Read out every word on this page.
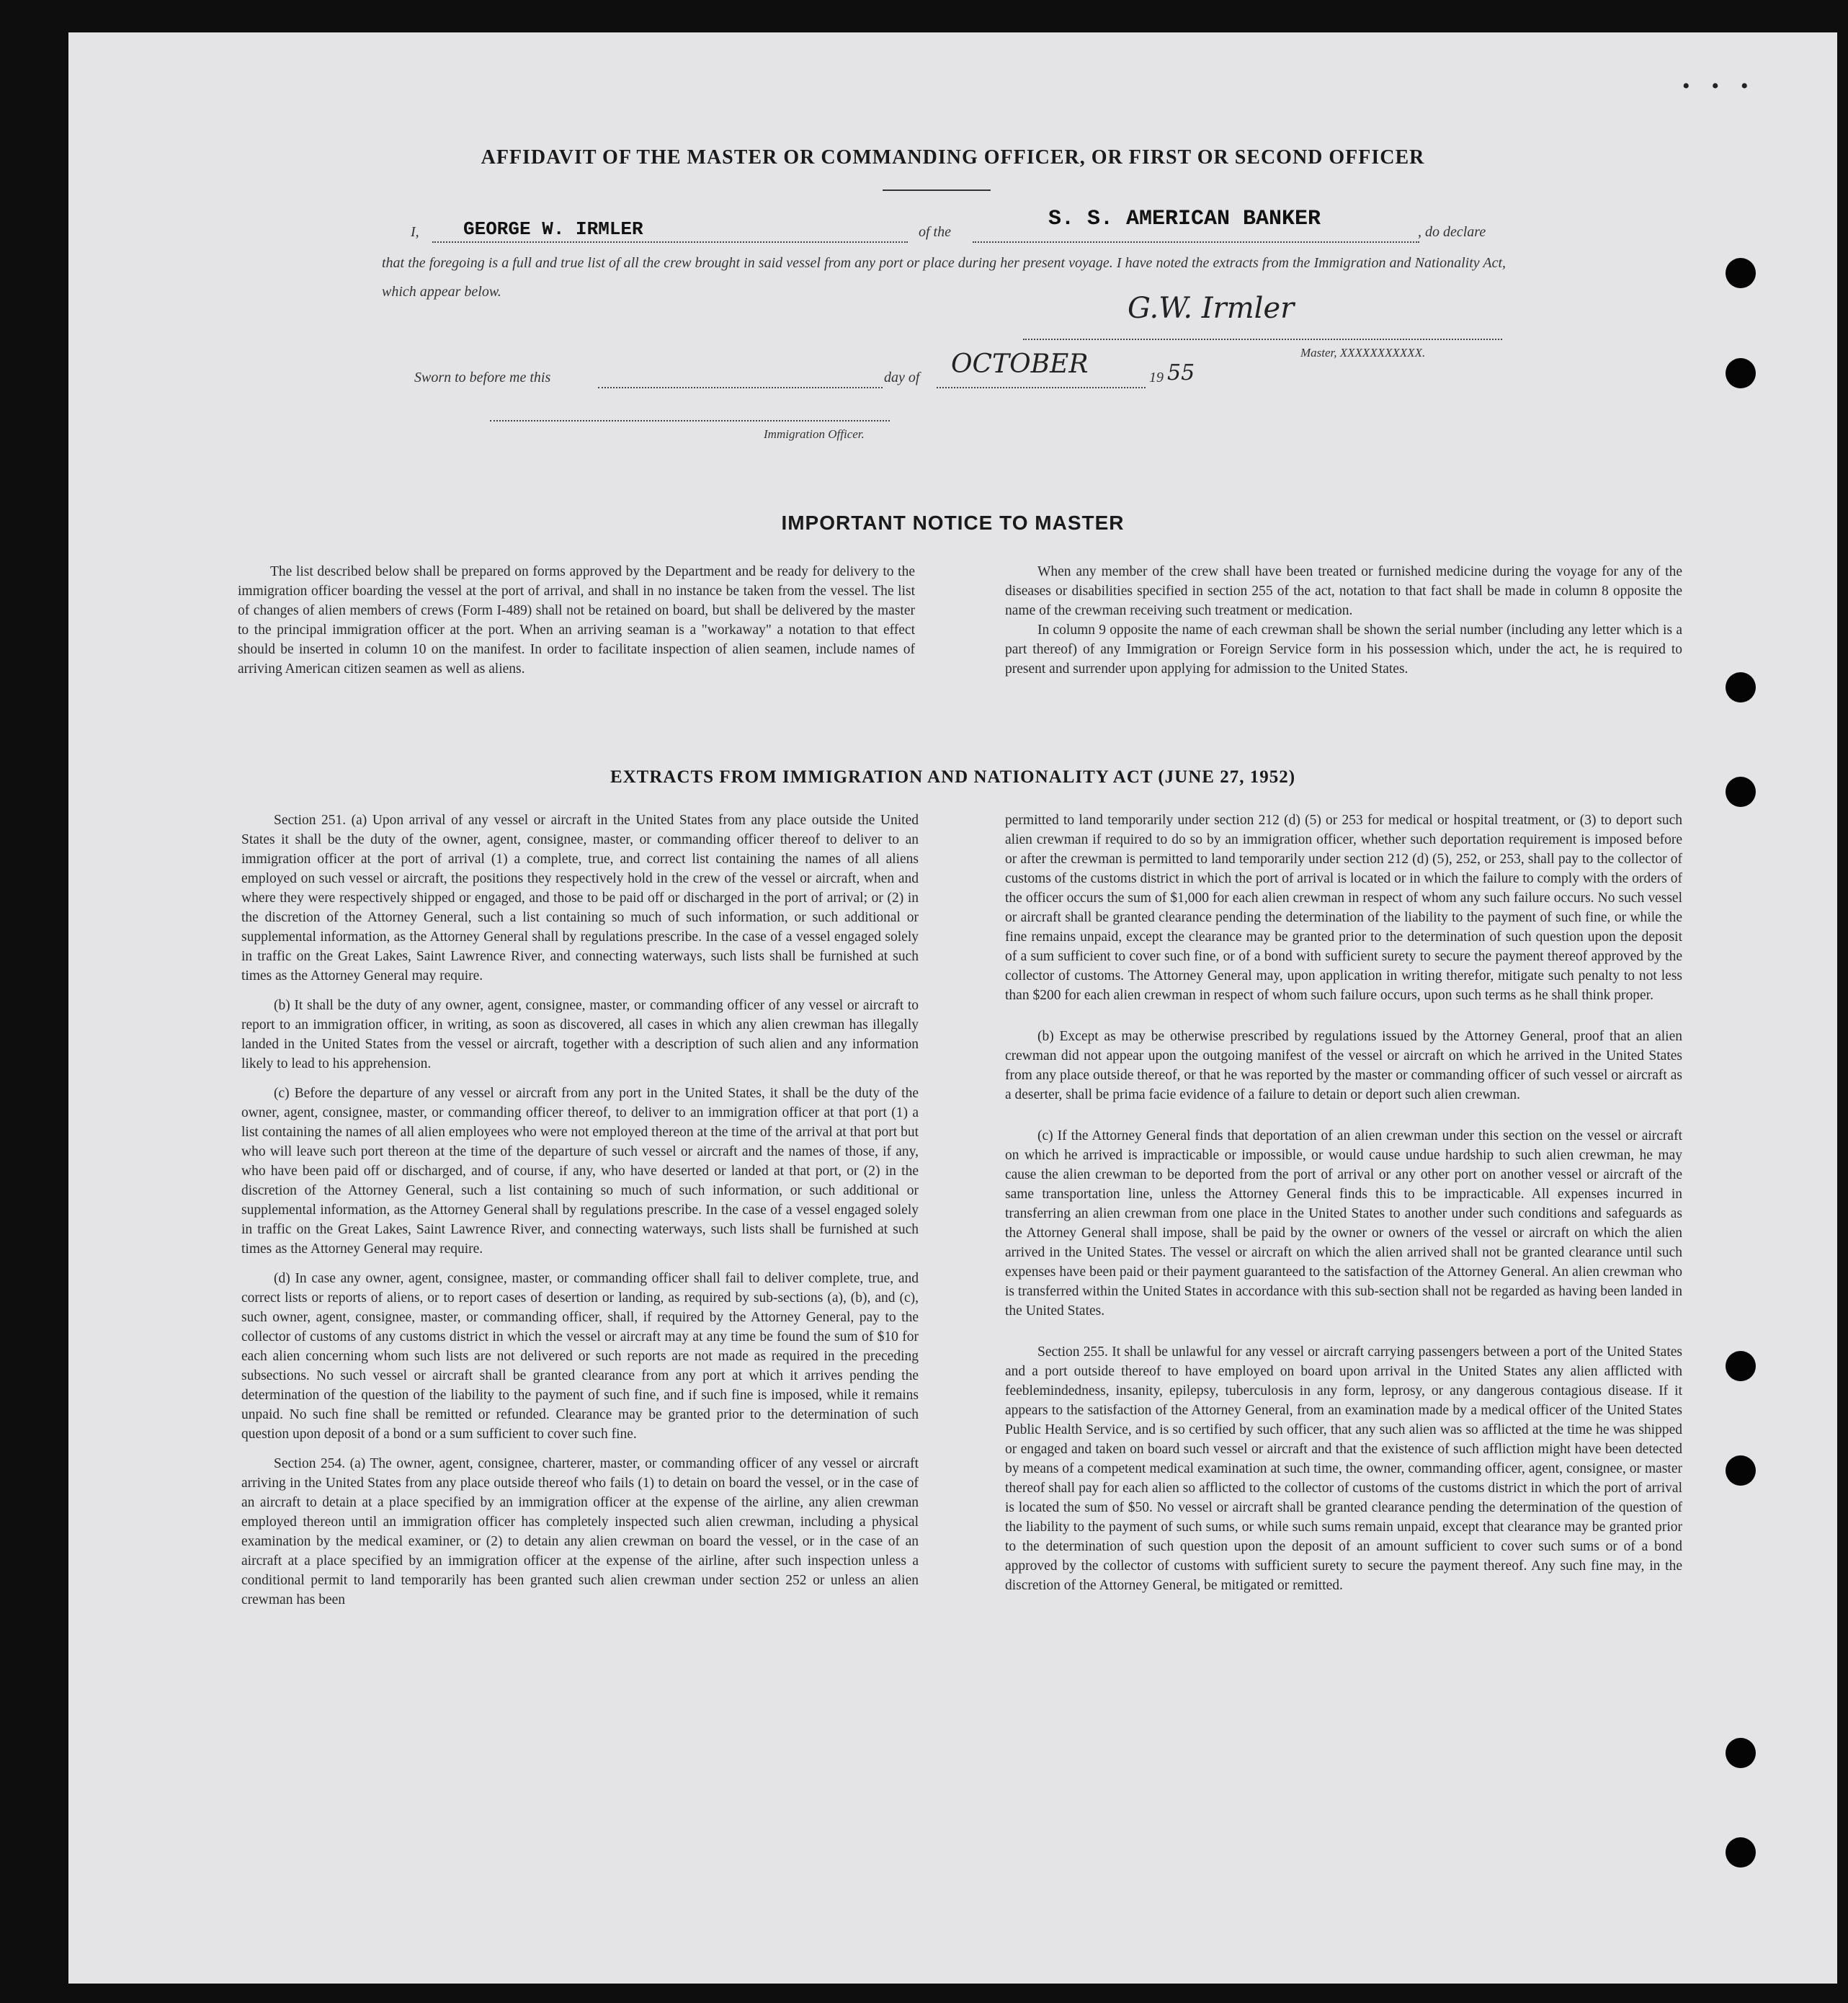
•••
AFFIDAVIT OF THE MASTER OR COMMANDING OFFICER, OR FIRST OR SECOND OFFICER
I, GEORGE W. IRMLER	of the
S. S. AMERICAN BANKER
, do declare
that the foregoing is a full and true list of all the crew brought in said vessel from any port or place during her present voyage. I have noted the extracts from the Immigration and Nationality Act, which appear below.	G.W. Irmler
Master, XXXXXXXXXXX.
Sworn to before me this	day of OCTOBER	19 55
Immigration Officer.
IMPORTANT NOTICE TO MASTER

The list described below shall be prepared on forms approved by the Department and be ready for delivery to the immigration officer boarding the vessel at the port of arrival, and shall in no instance be taken from the vessel. The list of changes of alien members of crews (Form I-489) shall not be retained on board, but shall be delivered by the master to the principal immigration officer at the port. When an arriving seaman is a "workaway" a notation to that effect should be inserted in column 10 on the manifest. In order to facilitate inspection of alien seamen, include names of arriving American citizen seamen as well as aliens.

When any member of the crew shall have been treated or furnished medicine during the voyage for any of the diseases or disabilities specified in section 255 of the act, notation to that fact shall be made in column 8 opposite the name of the crewman receiving such treatment or medication.

In column 9 opposite the name of each crewman shall be shown the serial number (including any letter which is a part thereof) of any Immigration or Foreign Service form in his possession which, under the act, he is required to present and surrender upon applying for admission to the United States.

EXTRACTS FROM IMMIGRATION AND NATIONALITY ACT (JUNE 27, 1952)

Section 251. (a) Upon arrival of any vessel or aircraft in the United States from any place outside the United States it shall be the duty of the owner, agent, consignee, master, or commanding officer thereof to deliver to an immigration officer at the port of arrival (1) a complete, true, and correct list containing the names of all aliens employed on such vessel or aircraft, the positions they respectively hold in the crew of the vessel or aircraft, when and where they were respectively shipped or engaged, and those to be paid off or discharged in the port of arrival; or (2) in the discretion of the Attorney General, such a list containing so much of such information, or such additional or supplemental information, as the Attorney General shall by regulations prescribe. In the case of a vessel engaged solely in traffic on the Great Lakes, Saint Lawrence River, and connecting waterways, such lists shall be furnished at such times as the Attorney General may require.

(b) It shall be the duty of any owner, agent, consignee, master, or commanding officer of any vessel or aircraft to report to an immigration officer, in writing, as soon as discovered, all cases in which any alien crewman has illegally landed in the United States from the vessel or aircraft, together with a description of such alien and any information likely to lead to his apprehension.

(c) Before the departure of any vessel or aircraft from any port in the United States, it shall be the duty of the owner, agent, consignee, master, or commanding officer thereof, to deliver to an immigration officer at that port (1) a list containing the names of all alien employees who were not employed thereon at the time of the arrival at that port but who will leave such port thereon at the time of the departure of such vessel or aircraft and the names of those, if any, who have been paid off or discharged, and of course, if any, who have deserted or landed at that port, or (2) in the discretion of the Attorney General, such a list containing so much of such information, or such additional or supplemental information, as the Attorney General shall by regulations prescribe. In the case of a vessel engaged solely in traffic on the Great Lakes, Saint Lawrence River, and connecting waterways, such lists shall be furnished at such times as the Attorney General may require.

(d) In case any owner, agent, consignee, master, or commanding officer shall fail to deliver complete, true, and correct lists or reports of aliens, or to report cases of desertion or landing, as required by sub-sections (a), (b), and (c), such owner, agent, consignee, master, or commanding officer, shall, if required by the Attorney General, pay to the collector of customs of any customs district in which the vessel or aircraft may at any time be found the sum of $10 for each alien concerning whom such lists are not delivered or such reports are not made as required in the preceding subsections. No such vessel or aircraft shall be granted clearance from any port at which it arrives pending the determination of the question of the liability to the payment of such fine, and if such fine is imposed, while it remains unpaid. No such fine shall be remitted or refunded. Clearance may be granted prior to the determination of such question upon deposit of a bond or a sum sufficient to cover such fine.

Section 254. (a) The owner, agent, consignee, charterer, master, or commanding officer of any vessel or aircraft arriving in the United States from any place outside thereof who fails (1) to detain on board the vessel, or in the case of an aircraft to detain at a place specified by an immigration officer at the expense of the airline, any alien crewman employed thereon until an immigration officer has completely inspected such alien crewman, including a physical examination by the medical examiner, or (2) to detain any alien crewman on board the vessel, or in the case of an aircraft at a place specified by an immigration officer at the expense of the airline, after such inspection unless a conditional permit to land temporarily has been granted such alien crewman under section 252 or unless an alien crewman has been

permitted to land temporarily under section 212 (d) (5) or 253 for medical or hospital treatment, or (3) to deport such alien crewman if required to do so by an immigration officer, whether such deportation requirement is imposed before or after the crewman is permitted to land temporarily under section 212 (d) (5), 252, or 253, shall pay to the collector of customs of the customs district in which the port of arrival is located or in which the failure to comply with the orders of the officer occurs the sum of $1,000 for each alien crewman in respect of whom any such failure occurs. No such vessel or aircraft shall be granted clearance pending the determination of the liability to the payment of such fine, or while the fine remains unpaid, except the clearance may be granted prior to the determination of such question upon the deposit of a sum sufficient to cover such fine, or of a bond with sufficient surety to secure the payment thereof approved by the collector of customs. The Attorney General may, upon application in writing therefor, mitigate such penalty to not less than $200 for each alien crewman in respect of whom such failure occurs, upon such terms as he shall think proper.

(b) Except as may be otherwise prescribed by regulations issued by the Attorney General, proof that an alien crewman did not appear upon the outgoing manifest of the vessel or aircraft on which he arrived in the United States from any place outside thereof, or that he was reported by the master or commanding officer of such vessel or aircraft as a deserter, shall be prima facie evidence of a failure to detain or deport such alien crewman.

(c) If the Attorney General finds that deportation of an alien crewman under this section on the vessel or aircraft on which he arrived is impracticable or impossible, or would cause undue hardship to such alien crewman, he may cause the alien crewman to be deported from the port of arrival or any other port on another vessel or aircraft of the same transportation line, unless the Attorney General finds this to be impracticable. All expenses incurred in transferring an alien crewman from one place in the United States to another under such conditions and safeguards as the Attorney General shall impose, shall be paid by the owner or owners of the vessel or aircraft on which the alien arrived in the United States. The vessel or aircraft on which the alien arrived shall not be granted clearance until such expenses have been paid or their payment guaranteed to the satisfaction of the Attorney General. An alien crewman who is transferred within the United States in accordance with this sub-section shall not be regarded as having been landed in the United States.

Section 255. It shall be unlawful for any vessel or aircraft carrying passengers between a port of the United States and a port outside thereof to have employed on board upon arrival in the United States any alien afflicted with feeblemindedness, insanity, epilepsy, tuberculosis in any form, leprosy, or any dangerous contagious disease. If it appears to the satisfaction of the Attorney General, from an examination made by a medical officer of the United States Public Health Service, and is so certified by such officer, that any such alien was so afflicted at the time he was shipped or engaged and taken on board such vessel or aircraft and that the existence of such affliction might have been detected by means of a competent medical examination at such time, the owner, commanding officer, agent, consignee, or master thereof shall pay for each alien so afflicted to the collector of customs of the customs district in which the port of arrival is located the sum of $50. No vessel or aircraft shall be granted clearance pending the determination of the question of the liability to the payment of such sums, or while such sums remain unpaid, except that clearance may be granted prior to the determination of such question upon the deposit of an amount sufficient to cover such sums or of a bond approved by the collector of customs with sufficient surety to secure the payment thereof. Any such fine may, in the discretion of the Attorney General, be mitigated or remitted.
